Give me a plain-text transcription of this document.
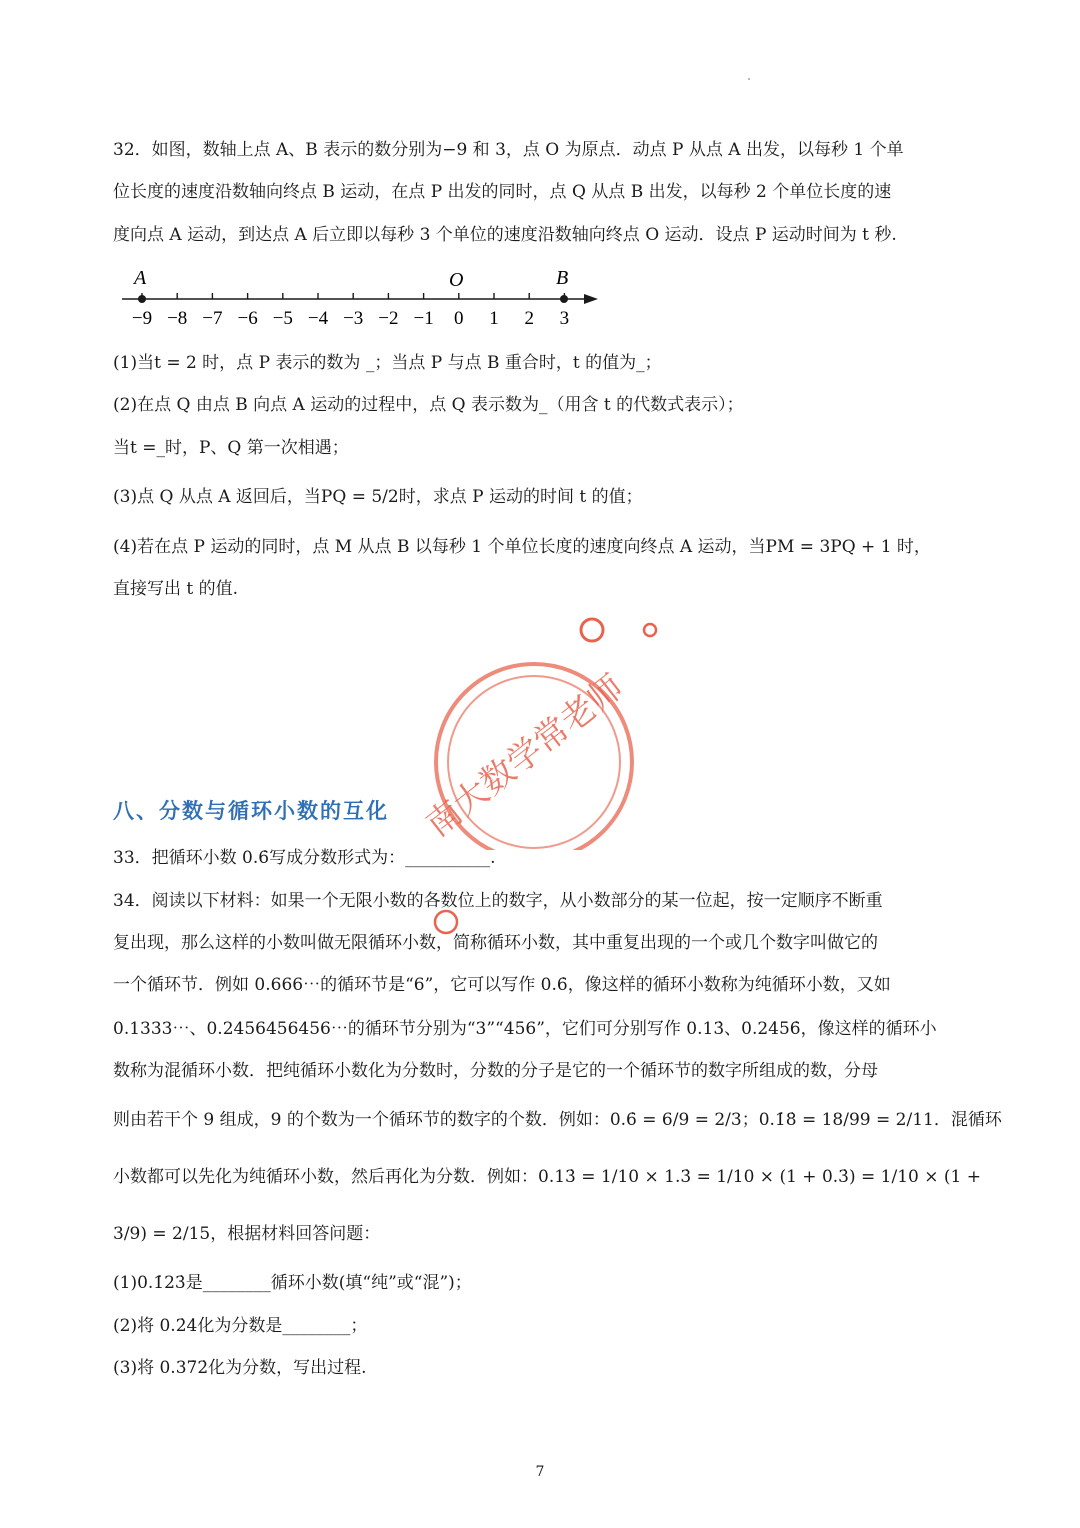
32．如图，数轴上点 A、B 表示的数分别为−9 和 3，点 O 为原点．动点 P 从点 A 出发，以每秒 1 个单
位长度的速度沿数轴向终点 B 运动，在点 P 出发的同时，点 Q 从点 B 出发，以每秒 2 个单位长度的速
度向点 A 运动，到达点 A 后立即以每秒 3 个单位的速度沿数轴向终点 O 运动．设点 P 运动时间为 t 秒.
−9 −8 −7 −6 −5 −4 −3 −2 −1 0 1 2 3
A	O	B
(1)当t = 2 时，点 P 表示的数为 _；当点 P 与点 B 重合时，t 的值为_；
(2)在点 Q 由点 B 向点 A 运动的过程中，点 Q 表示数为_（用含 t 的代数式表示）；
当t =_时，P、Q 第一次相遇；
(3)点 Q 从点 A 返回后，当PQ = 5/2时，求点 P 运动的时间 t 的值；
(4)若在点 P 运动的同时，点 M 从点 B 以每秒 1 个单位长度的速度向终点 A 运动，当PM = 3PQ + 1 时，
直接写出 t 的值.
八、分数与循环小数的互化 南大数学常老师
33．把循环小数 0.6̇写成分数形式为：__________.
34．阅读以下材料：如果一个无限小数的各数位上的数字，从小数部分的某一位起，按一定顺序不断重
复出现，那么这样的小数叫做无限循环小数，简称循环小数，其中重复出现的一个或几个数字叫做它的
一个循环节．例如 0.666⋯的循环节是“6”，它可以写作 0.6̇，像这样的循环小数称为纯循环小数，又如
0.1333⋯、0.2456456456⋯的循环节分别为“3”“456”，它们可分别写作 0.13̇、0.24̇56̇，像这样的循环小
数称为混循环小数．把纯循环小数化为分数时，分数的分子是它的一个循环节的数字所组成的数，分母
则由若干个 9 组成，9 的个数为一个循环节的数字的个数．例如：0.6̇ = 6/9 = 2/3；0.1̇8̇ = 18/99 = 2/11．混循环
小数都可以先化为纯循环小数，然后再化为分数．例如：0.13̇ = 1/10 × 1.3̇ = 1/10 × (1 + 0.3̇) = 1/10 × (1 +
3/9) = 2/15，根据材料回答问题：
(1)0.1̇23̇是________循环小数(填“纯”或“混”)；
(2)将 0.2̇4̇化为分数是________；
(3)将 0.37̇2̇化为分数，写出过程.
7
